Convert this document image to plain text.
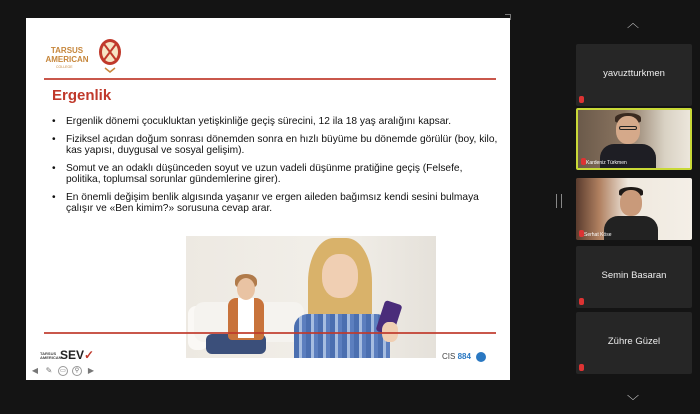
TARSUS
AMERICAN
COLLEGE
Ergenlik
• Ergenlik dönemi çocukluktan yetişkinliğe geçiş sürecini, 12 ila 18 yaş aralığını kapsar.
• Fiziksel açıdan doğum sonrası dönemden sonra en hızlı büyüme bu dönemde görülür (boy, kilo, kas yapısı, duygusal ve sosyal gelişim).
• Somut ve an odaklı düşünceden soyut ve uzun vadeli düşünme pratiğine geçiş (Felsefe, politika, toplumsal sorunlar gündemlerine girer).
• En önemli değişim benlik algısında yaşanır ve ergen aileden bağımsız kendi sesini bulmaya çalışır ve «Ben kimim?» sorusuna cevap arar.
TARSUS AMERICANSEV✓	CIS 884
◀ ✎	▭	⚲	▶
︿
yavuztturkmen
Kardeniz Türkmen
Serhat Köse
Semin Basaran
Zühre Güzel
﹀
